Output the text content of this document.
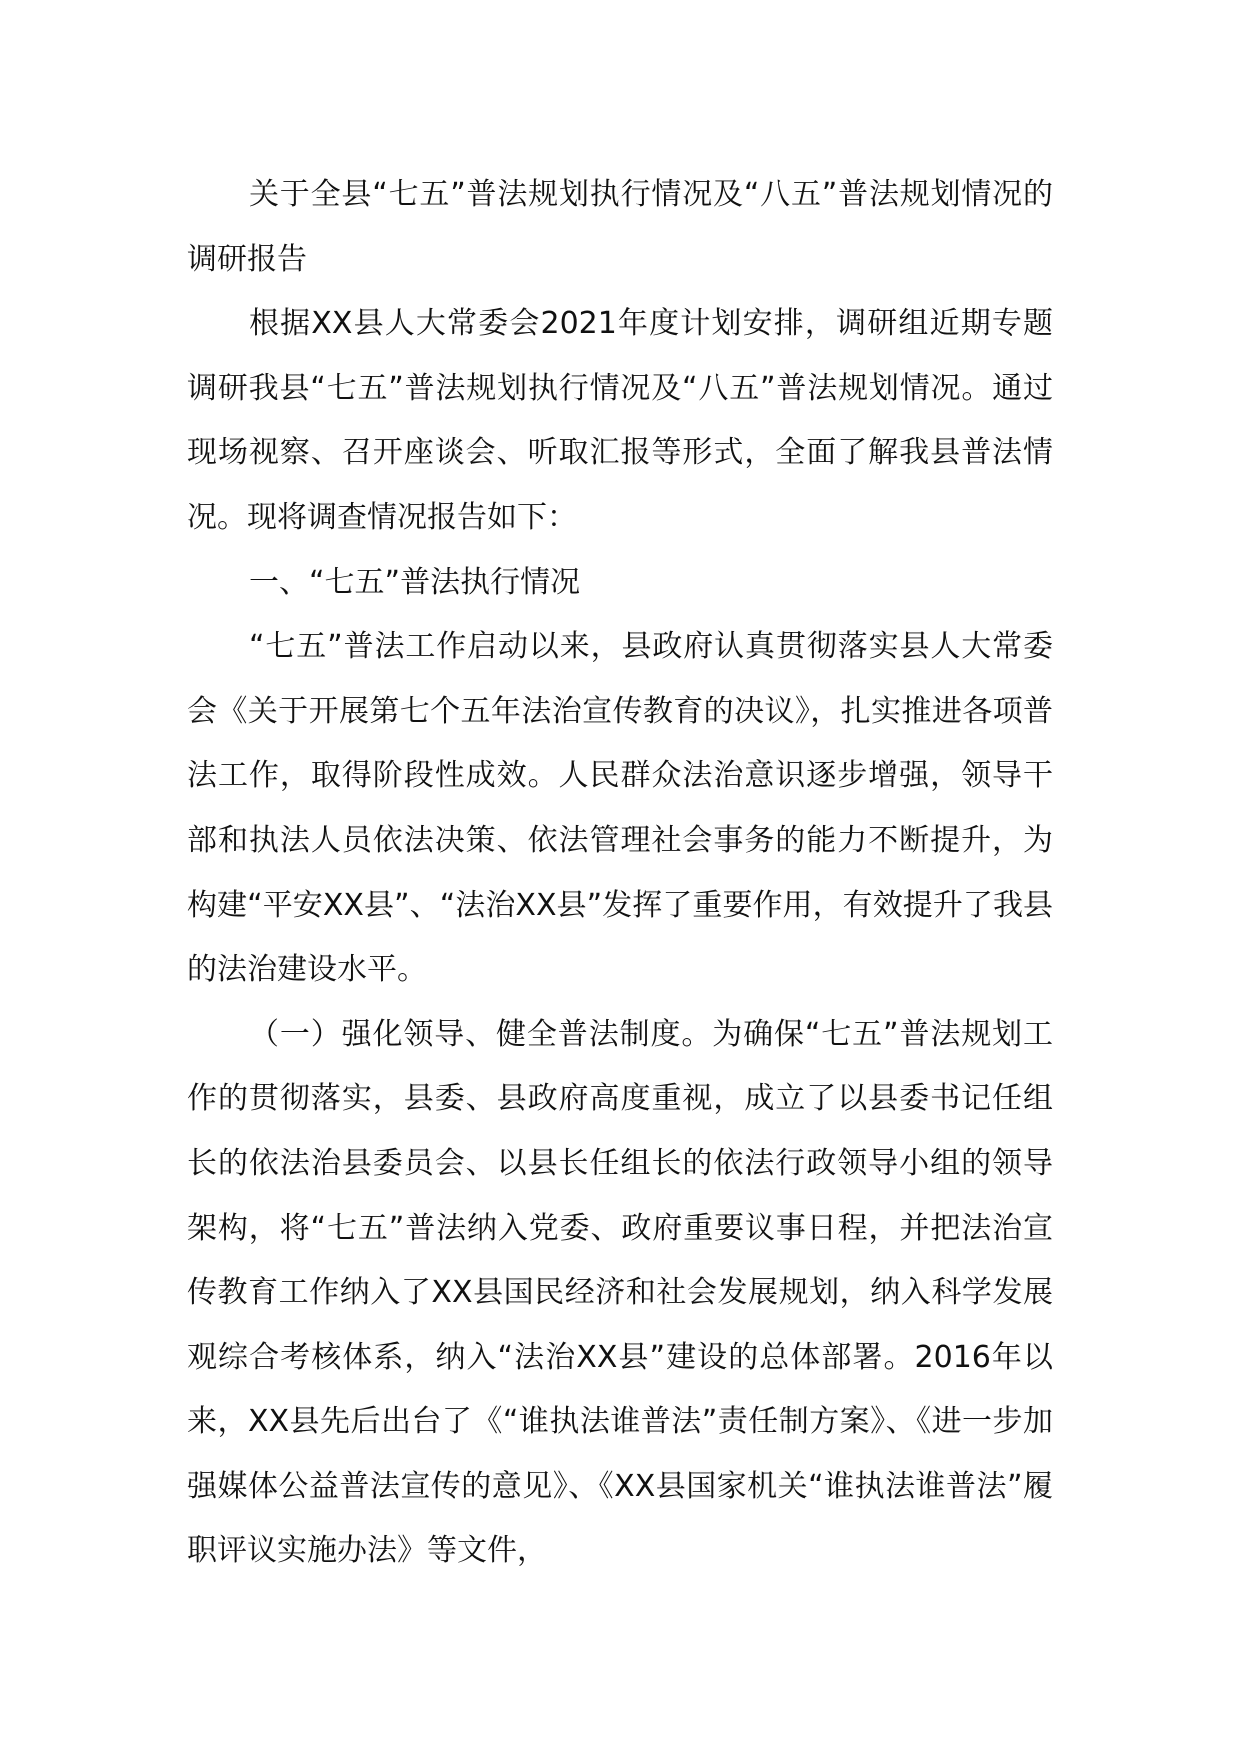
关于全县“七五”普法规划执行情况及“八五”普法规划情况的调研报告

根据XX县人大常委会2021年度计划安排，调研组近期专题调研我县“七五”普法规划执行情况及“八五”普法规划情况。通过现场视察、召开座谈会、听取汇报等形式，全面了解我县普法情况。现将调查情况报告如下：

一、“七五”普法执行情况

“七五”普法工作启动以来，县政府认真贯彻落实县人大常委会《关于开展第七个五年法治宣传教育的决议》，扎实推进各项普法工作，取得阶段性成效。人民群众法治意识逐步增强，领导干部和执法人员依法决策、依法管理社会事务的能力不断提升，为构建“平安XX县”、“法治XX县”发挥了重要作用，有效提升了我县的法治建设水平。

（一）强化领导、健全普法制度。为确保“七五”普法规划工作的贯彻落实，县委、县政府高度重视，成立了以县委书记任组长的依法治县委员会、以县长任组长的依法行政领导小组的领导架构，将“七五”普法纳入党委、政府重要议事日程，并把法治宣传教育工作纳入了XX县国民经济和社会发展规划，纳入科学发展观综合考核体系，纳入“法治XX县”建设的总体部署。2016年以来，XX县先后出台了《“谁执法谁普法”责任制方案》、《进一步加强媒体公益普法宣传的意见》、《XX县国家机关“谁执法谁普法”履职评议实施办法》等文件，
